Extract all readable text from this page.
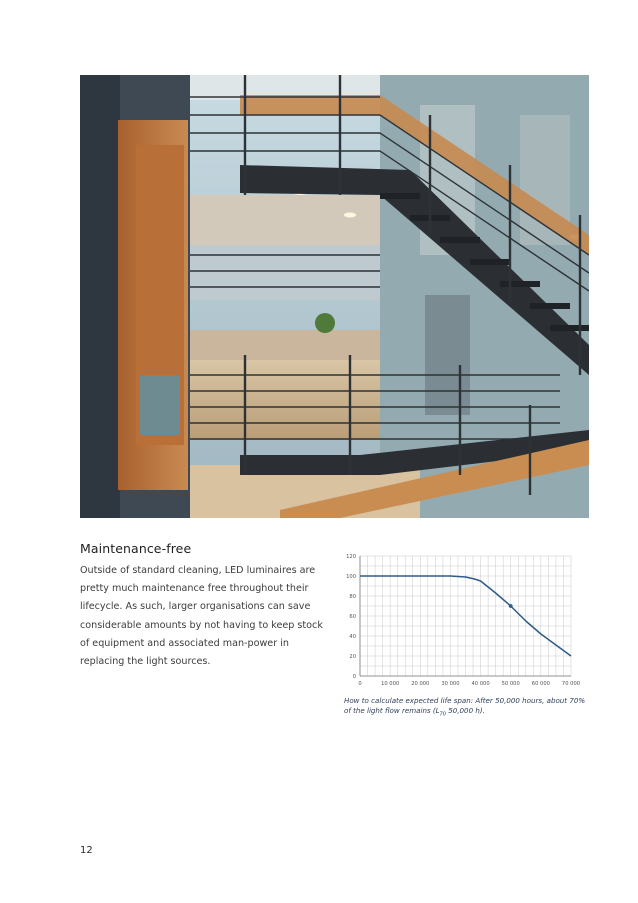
Maintenance-free
Outside of standard cleaning, LED luminaires are pretty much maintenance free throughout their lifecycle. As such, larger organisations can save considerable amounts by not having to keep stock of equipment and associated man-power in replacing the light sources.
0	10 000 20 000 30 000 40 000 50 000 60 000 70 000
0
20
40
60
80
100
120
How to calculate expected life span: After 50,000 hours, about 70% of the light flow remains ($L_{70}$ 50,000 h).
12
